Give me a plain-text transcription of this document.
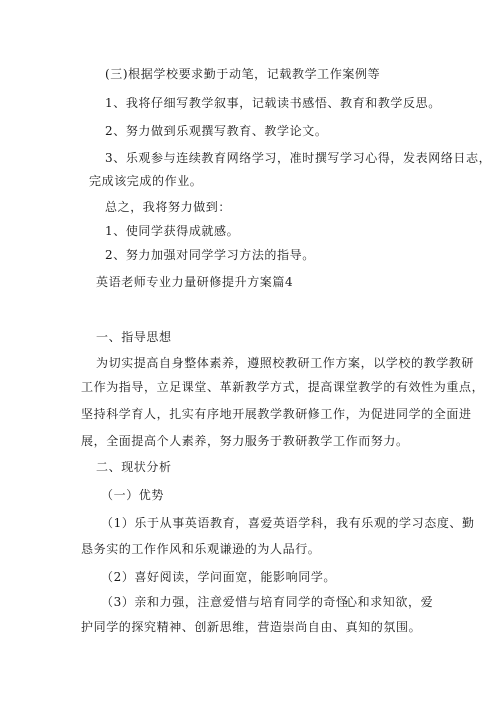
(三)根据学校要求勤于动笔，记载教学工作案例等
1、我将仔细写教学叙事，记载读书感悟、教育和教学反思。
2、努力做到乐观撰写教育、教学论文。
3、乐观参与连续教育网络学习，准时撰写学习心得，发表网络日志，
完成该完成的作业。
总之，我将努力做到：
1、使同学获得成就感。
2、努力加强对同学学习方法的指导。
英语老师专业力量研修提升方案篇4
一、指导思想
为切实提高自身整体素养，遵照校教研工作方案，以学校的教学教研
工作为指导，立足课堂、革新教学方式，提高课堂教学的有效性为重点，
坚持科学育人，扎实有序地开展教学教研修工作，为促进同学的全面进
展，全面提高个人素养，努力服务于教研教学工作而努力。
二、现状分析
（一）优势
（1）乐于从事英语教育，喜爱英语学科，我有乐观的学习态度、勤
恳务实的工作作风和乐观谦逊的为人品行。
（2）喜好阅读，学问面宽，能影响同学。
（3）亲和力强，注意爱惜与培育同学的奇怪
心和求知欲，爱
护同学的探究精神、创新思维，营造崇尚自由、真知的氛围。
